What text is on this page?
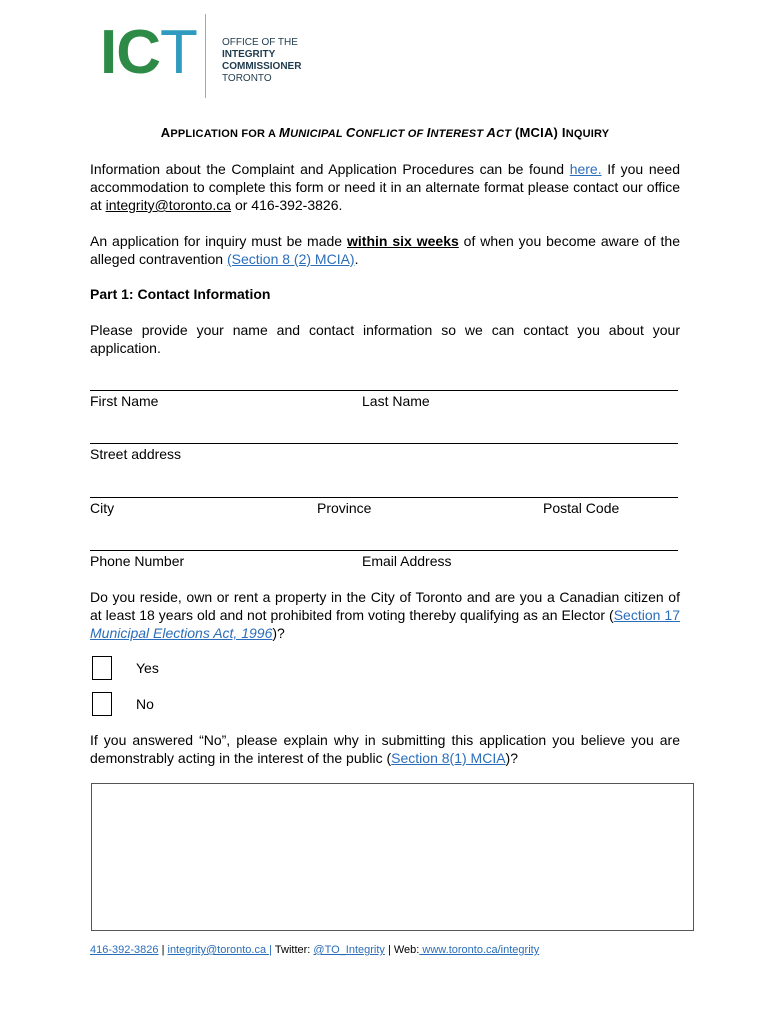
ICT	OFFICE OF THE
INTEGRITY
COMMISSIONER
TORONTO
APPLICATION FOR A MUNICIPAL CONFLICT OF INTEREST ACT (MCIA) INQUIRY
Information about the Complaint and Application Procedures can be found here. If you need accommodation to complete this form or need it in an alternate format please contact our office at integrity@toronto.ca or 416-392-3826.
An application for inquiry must be made within six weeks of when you become aware of the alleged contravention (Section 8 (2) MCIA).
Part 1: Contact Information
Please provide your name and contact information so we can contact you about your application.
First Name	Last Name
Street address
City	Province	Postal Code
Phone Number	Email Address
Do you reside, own or rent a property in the City of Toronto and are you a Canadian citizen of at least 18 years old and not prohibited from voting thereby qualifying as an Elector (Section 17 Municipal Elections Act, 1996)?
Yes
No
If you answered “No”, please explain why in submitting this application you believe you are demonstrably acting in the interest of the public (Section 8(1) MCIA)?
416-392-3826 | integrity@toronto.ca | Twitter: @TO_Integrity | Web: www.toronto.ca/integrity
